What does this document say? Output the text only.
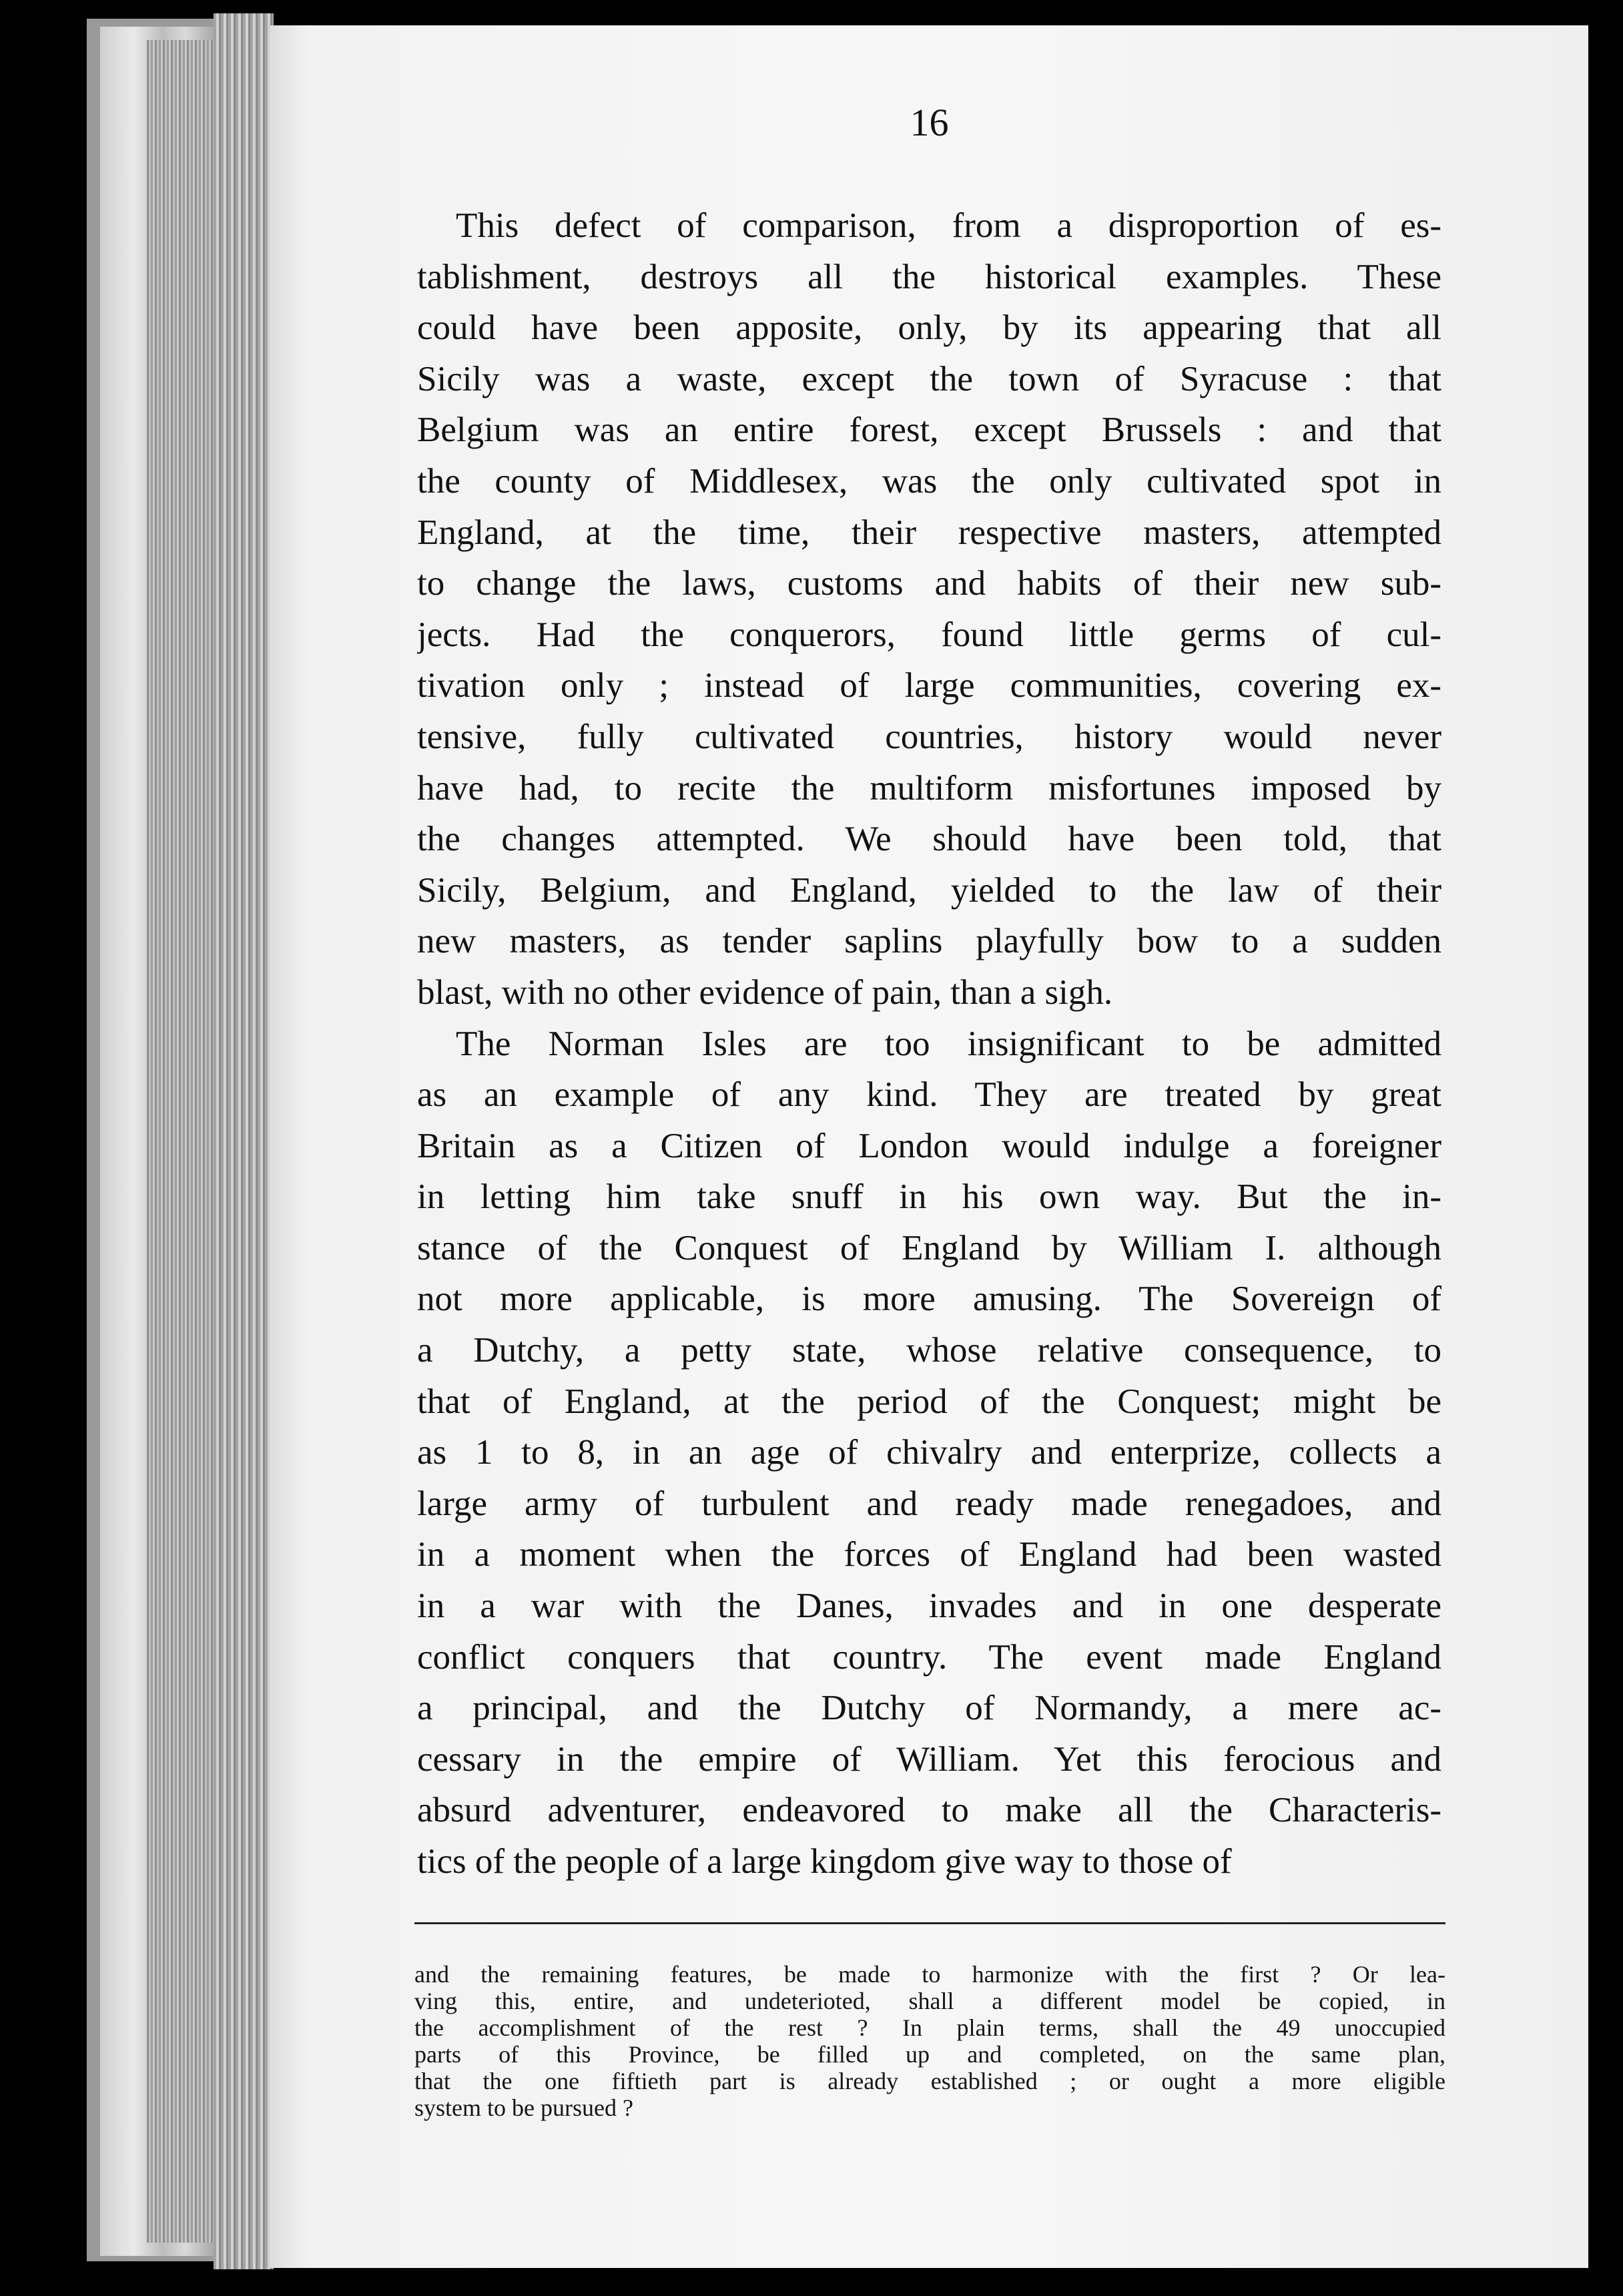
16
This defect of comparison, from a disproportion of es-
tablishment, destroys all the historical examples. These
could have been apposite, only, by its appearing that all
Sicily was a waste, except the town of Syracuse : that
Belgium was an entire forest, except Brussels : and that
the county of Middlesex, was the only cultivated spot in
England, at the time, their respective masters, attempted
to change the laws, customs and habits of their new sub-
jects. Had the conquerors, found little germs of cul-
tivation only ; instead of large communities, covering ex-
tensive, fully cultivated countries, history would never
have had, to recite the multiform misfortunes imposed by
the changes attempted. We should have been told, that
Sicily, Belgium, and England, yielded to the law of their
new masters, as tender saplins playfully bow to a sudden
blast, with no other evidence of pain, than a sigh.
The Norman Isles are too insignificant to be admitted
as an example of any kind. They are treated by great
Britain as a Citizen of London would indulge a foreigner
in letting him take snuff in his own way. But the in-
stance of the Conquest of England by William I. although
not more applicable, is more amusing. The Sovereign of
a Dutchy, a petty state, whose relative consequence, to
that of England, at the period of the Conquest; might be
as 1 to 8, in an age of chivalry and enterprize, collects a
large army of turbulent and ready made renegadoes, and
in a moment when the forces of England had been wasted
in a war with the Danes, invades and in one desperate
conflict conquers that country. The event made England
a principal, and the Dutchy of Normandy, a mere ac-
cessary in the empire of William. Yet this ferocious and
absurd adventurer, endeavored to make all the Characteris-
tics of the people of a large kingdom give way to those of
and the remaining features, be made to harmonize with the first ? Or lea-
ving this, entire, and undeterioted, shall a different model be copied, in
the accomplishment of the rest ? In plain terms, shall the 49 unoccupied
parts of this Province, be filled up and completed, on the same plan,
that the one fiftieth part is already established ; or ought a more eligible
system to be pursued ?
